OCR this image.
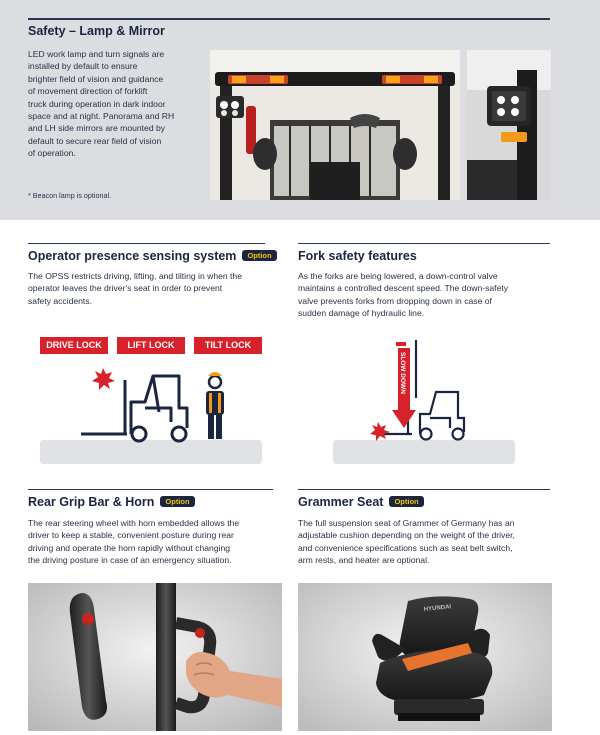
Safety – Lamp & Mirror
LED work lamp and turn signals are
installed by default to ensure
brighter field of vision and guidance
of movement direction of forklift
truck during operation in dark indoor
space and at night. Panorama and RH
and LH side mirrors are mounted by
default to secure rear field of vision
of operation.
* Beacon lamp is optional.
Operator presence sensing system Option
The OPSS restricts driving, lifting, and tilting in when the
operator leaves the driver's seat in order to prevent
safety accidents.
DRIVE LOCK	LIFT LOCK	TILT LOCK
Fork safety features
As the forks are being lowered, a down-control valve
maintains a controlled descent speed. The down-safety
valve prevents forks from dropping down in case of
sudden damage of hydraulic line.
SLOW DOWN
Rear Grip Bar & Horn Option
The rear steering wheel with horn embedded allows the
driver to keep a stable, convenient posture during rear
driving and operate the horn rapidly without changing
the driving posture in case of an emergency situation.
Grammer Seat Option
The full suspension seat of Grammer of Germany has an
adjustable cushion depending on the weight of the driver,
and convenience specifications such as seat belt switch,
arm rests, and heater are optional.
HYUNDAI
